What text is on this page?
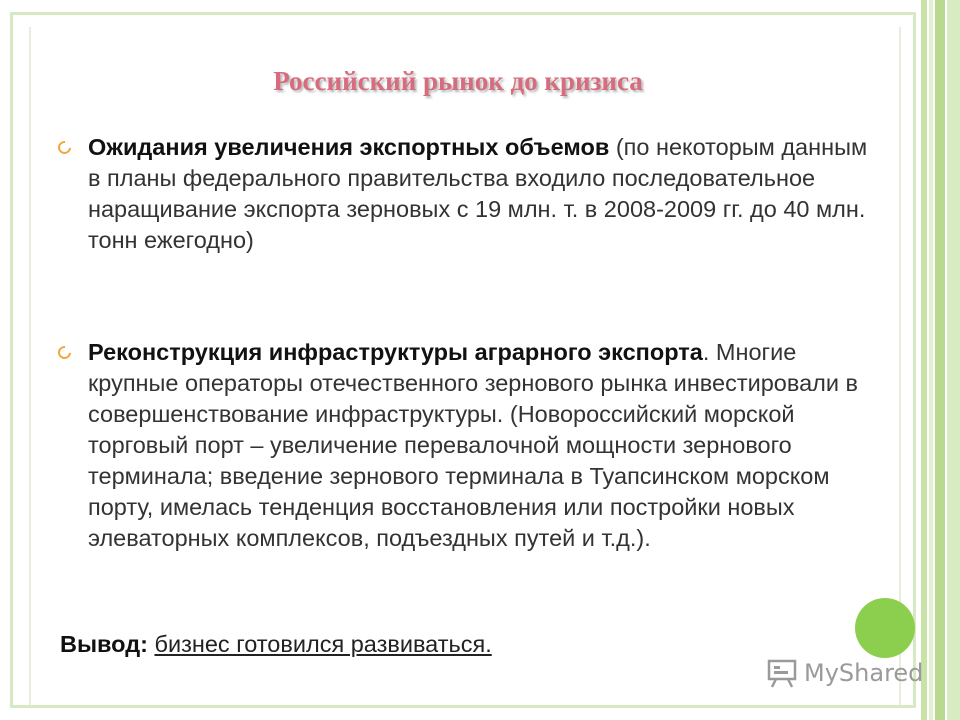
Российский рынок до кризиса
Ожидания увеличения экспортных объемов (по некоторым данным в планы федерального правительства входило последовательное наращивание экспорта зерновых с 19 млн. т. в 2008-2009 гг. до 40 млн. тонн ежегодно)
Реконструкция инфраструктуры аграрного экспорта. Многие крупные операторы отечественного зернового рынка инвестировали в совершенствование инфраструктуры. (Новороссийский морской торговый порт – увеличение перевалочной мощности зернового терминала; введение зернового терминала в Туапсинском морском порту, имелась тенденция восстановления или постройки новых элеваторных комплексов, подъездных путей и т.д.).
Вывод: бизнес готовился развиваться.
MyShared
